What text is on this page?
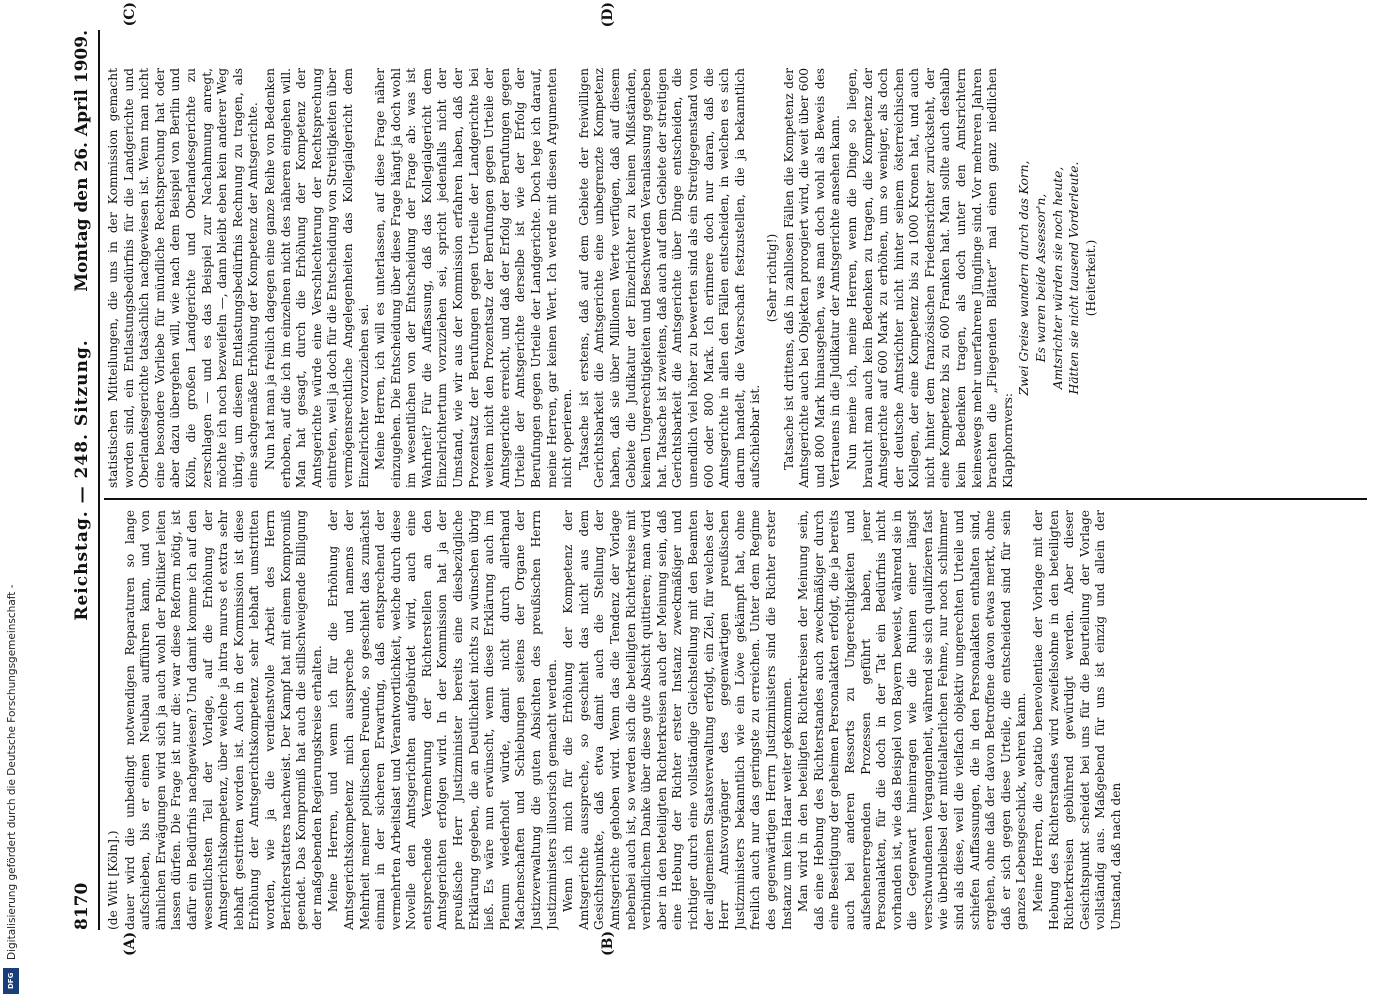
8170
Reichstag. — 248. Sitzung.
Montag den 26. April 1909.
(A)	(B)
(C)	(D)

(de Witt [Köln].) dauer wird die unbedingt notwendigen Reparaturen so lange aufschieben, bis er einen Neubau aufführen kann, und von ähnlichen Erwägungen wird sich ja auch wohl der Politiker leiten lassen dürfen. Die Frage ist nur die: war diese Reform nötig, ist dafür ein Bedürfnis nachgewiesen? Und damit komme ich auf den wesentlichsten Teil der Vorlage, auf die Erhöhung der Amtsgerichtskompetenz, über welche ja intra muros et extra sehr lebhaft gestritten worden ist. Auch in der Kommission ist diese Erhöhung der Amtsgerichtskompetenz sehr lebhaft umstritten worden, wie ja die verdienstvolle Arbeit des Herrn Berichterstatters nachweist. Der Kampf hat mit einem Kompromiß geendet. Das Kompromiß hat auch die stillschweigende Billigung der maßgebenden Regierungskreise erhalten. Meine Herren, und wenn ich für die Erhöhung der Amtsgerichtskompetenz mich ausspreche und namens der Mehrheit meiner politischen Freunde, so geschieht das zunächst einmal in der sicheren Erwartung, daß entsprechend der vermehrten Arbeitslast und Verantwortlichkeit, welche durch diese Novelle den Amtsgerichten aufgebürdet wird, auch eine entsprechende Vermehrung der Richterstellen an den Amtsgerichten erfolgen wird. In der Kommission hat ja der preußische Herr Justizminister bereits eine diesbezügliche Erklärung gegeben, die an Deutlichkeit nichts zu wünschen übrig ließ. Es wäre nun erwünscht, wenn diese Erklärung auch im Plenum wiederholt würde, damit nicht durch allerhand Machenschaften und Schiebungen seitens der Organe der Justizverwaltung die guten Absichten des preußischen Herrn Justizministers illusorisch gemacht werden. Wenn ich mich für die Erhöhung der Kompetenz der Amtsgerichte ausspreche, so geschieht das nicht aus dem Gesichtspunkte, daß etwa damit auch die Stellung der Amtsgerichte gehoben wird. Wenn das die Tendenz der Vorlage nebenbei auch ist, so werden sich die beteiligten Richterkreise mit verbindlichem Danke über diese gute Absicht quittieren; man wird aber in den beteiligten Richterkreisen auch der Meinung sein, daß eine Hebung der Richter erster Instanz zweckmäßiger und richtiger durch eine vollständige Gleichstellung mit den Beamten der allgemeinen Staatsverwaltung erfolgt, ein Ziel, für welches der Herr Amtsvorgänger des gegenwärtigen preußischen Justizministers bekanntlich wie ein Löwe gekämpft hat, ohne freilich auch nur das geringste zu erreichen. Unter dem Regime des gegenwärtigen Herrn Justizministers sind die Richter erster Instanz um kein Haar weiter gekommen. Man wird in den beteiligten Richterkreisen der Meinung sein, daß eine Hebung des Richterstandes auch zweckmäßiger durch eine Beseitigung der geheimen Personalakten erfolgt, die ja bereits auch bei anderen Ressorts zu Ungerechtigkeiten und aufsehenerregenden Prozessen geführt haben, jener Personalakten, für die doch in der Tat ein Bedürfnis nicht vorhanden ist, wie das Beispiel von Bayern beweist, während sie in die Gegenwart hineinragen wie die Ruinen einer längst verschwundenen Vergangenheit, während sie sich qualifizieren fast wie überbleibsel der mittelalterlichen Fehme, nur noch schlimmer sind als diese, weil die vielfach objektiv ungerechten Urteile und schiefen Auffassungen, die in den Personalakten enthalten sind, ergehen, ohne daß der davon Betroffene davon etwas merkt, ohne daß er sich gegen diese Urteile, die entscheidend sind für sein ganzes Lebensgeschick, wehren kann. Meine Herren, die captatio benevolentiae der Vorlage mit der Hebung des Richterstandes wird zweifelsohne in den beteiligten Richterkreisen gebührend gewürdigt werden. Aber dieser Gesichtspunkt scheidet bei uns für die Beurteilung der Vorlage vollständig aus. Maßgebend für uns ist einzig und allein der Umstand, daß nach den

statistischen Mitteilungen, die uns in der Kommission gemacht worden sind, ein Entlastungsbedürfnis für die Landgerichte und Oberlandesgerichte tatsächlich nachgewiesen ist. Wenn man nicht eine besondere Vorliebe für mündliche Rechtsprechung hat oder aber dazu übergehen will, wie nach dem Beispiel von Berlin und Köln, die großen Landgerichte und Oberlandesgerichte zu zerschlagen — und es das Beispiel zur Nachahmung anregt, möchte ich noch bezweifeln —, dann bleibt eben kein anderer Weg übrig, um diesem Entlastungsbedürfnis Rechnung zu tragen, als eine sachgemäße Erhöhung der Kompetenz der Amtsgerichte. Nun hat man ja freilich dagegen eine ganze Reihe von Bedenken erhoben, auf die ich im einzelnen nicht des näheren eingehen will. Man hat gesagt, durch die Erhöhung der Kompetenz der Amtsgerichte würde eine Verschlechterung der Rechtsprechung eintreten, weil ja doch für die Entscheidung von Streitigkeiten über vermögensrechtliche Angelegenheiten das Kollegialgericht dem Einzelrichter vorzuziehen sei. Meine Herren, ich will es unterlassen, auf diese Frage näher einzugehen. Die Entscheidung über diese Frage hängt ja doch wohl im wesentlichen von der Entscheidung der Frage ab: was ist Wahrheit? Für die Auffassung, daß das Kollegialgericht dem Einzelrichtertum vorzuziehen sei, spricht jedenfalls nicht der Umstand, wie wir aus der Kommission erfahren haben, daß der Prozentsatz der Berufungen gegen Urteile der Landgerichte bei weitem nicht den Prozentsatz der Berufungen gegen Urteile der Amtsgerichte erreicht, und daß der Erfolg der Berufungen gegen Urteile der Amtsgerichte derselbe ist wie der Erfolg der Berufungen gegen Urteile der Landgerichte. Doch lege ich darauf, meine Herren, gar keinen Wert. Ich werde mit diesen Argumenten nicht operieren. Tatsache ist erstens, daß auf dem Gebiete der freiwilligen Gerichtsbarkeit die Amtsgerichte eine unbegrenzte Kompetenz haben, daß sie über Millionen Werte verfügen, daß auf diesem Gebiete die Judikatur der Einzelrichter zu keinen Mißständen, keinen Ungerechtigkeiten und Beschwerden Veranlassung gegeben hat. Tatsache ist zweitens, daß auch auf dem Gebiete der streitigen Gerichtsbarkeit die Amtsgerichte über Dinge entscheiden, die unendlich viel höher zu bewerten sind als ein Streitgegenstand von 600 oder 800 Mark. Ich erinnere doch nur daran, daß die Amtsgerichte in allen den Fällen entscheiden, in welchen es sich darum handelt, die Vaterschaft festzustellen, die ja bekanntlich aufschiebbar ist.

(Sehr richtig!) Tatsache ist drittens, daß in zahllosen Fällen die Kompetenz der Amtsgerichte auch bei Objekten prorogiert wird, die weit über 600 und 800 Mark hinausgehen, was man doch wohl als Beweis des Vertrauens in die Judikatur der Amtsgerichte ansehen kann. Nun meine ich, meine Herren, wenn die Dinge so liegen, braucht man auch kein Bedenken zu tragen, die Kompetenz der Amtsgerichte auf 600 Mark zu erhöhen, um so weniger, als doch der deutsche Amtsrichter nicht hinter seinem österreichischen Kollegen, der eine Kompetenz bis zu 1000 Kronen hat, und auch nicht hinter dem französischen Friedensrichter zurücksteht, der eine Kompetenz bis zu 600 Franken hat. Man sollte auch deshalb kein Bedenken tragen, als doch unter den Amtsrichtern keineswegs mehr unerfahrene Jünglinge sind. Vor mehreren Jahren brachten die „Fliegenden Blätter“ mal einen ganz niedlichen Klapphornvers:

Zwei Greise wandern durch das Korn, Es waren beide Assessor'n, Amtsrichter würden sie noch heute, Hätten sie nicht tausend Vorderleute. (Heiterkeit.)

Digitalisierung gefördert durch die Deutsche Forschungsgemeinschaft -
DFG
